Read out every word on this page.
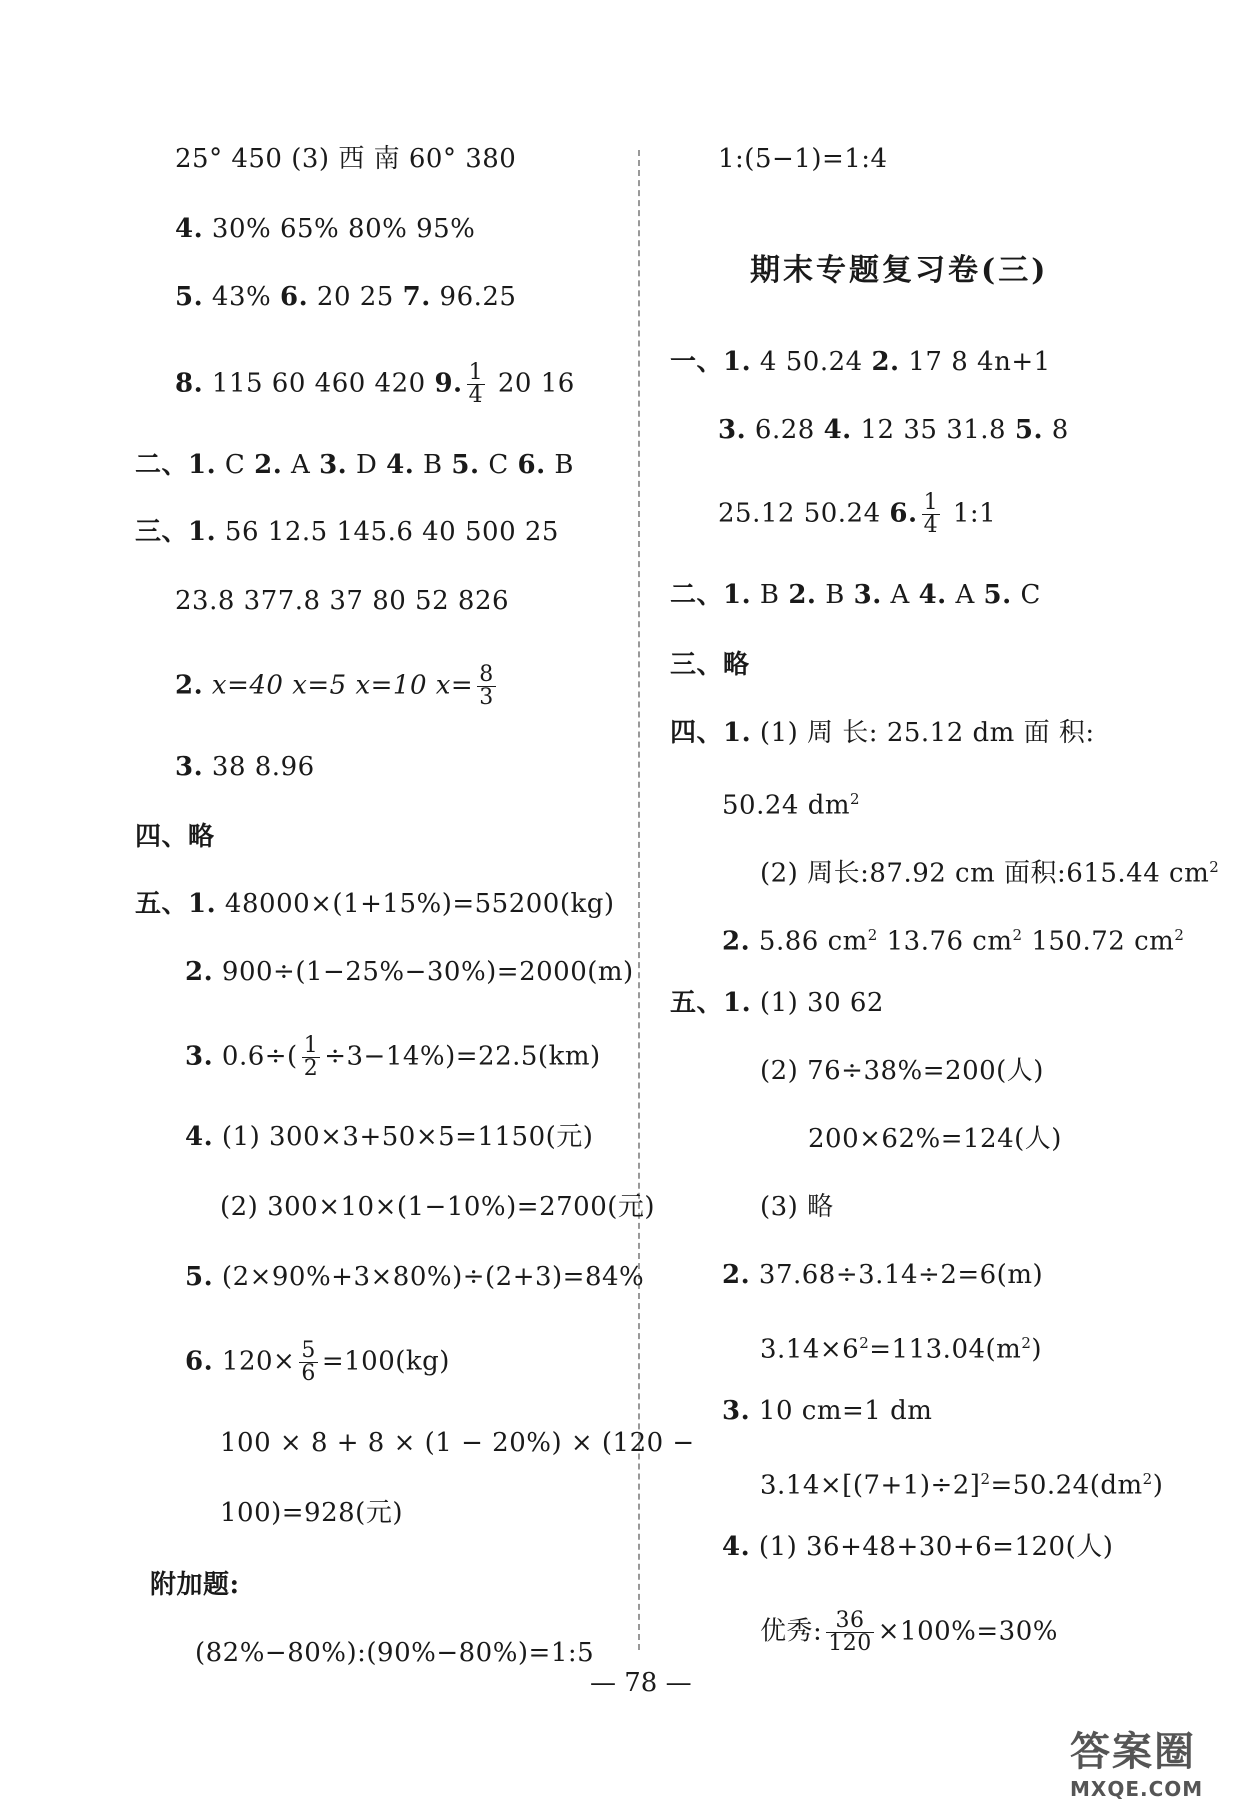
25° 450 (3) 西 南 60° 380
4. 30% 65% 80% 95%
5. 43% 6. 20 25 7. 96.25
8. 115 60 460 420 9. $\frac{1}{4} 20$ 16
二、1. C 2. A 3. D 4. B 5. C 6. B
三、1. 56 12.5 145.6 40 500 25
23.8 377.8 37 80 52 826
2. x=40 x=5 x=10 $x= \frac{8}{3}$
3. 38 8.96
四、略
五、1. 48000×(1+15%)=55200(kg)
2. 900÷(1−25%−30%)=2000(m)
3. $0.6\div( \frac{1}{2} \div 3-14\%)=22.5(km)$
4. (1) 300×3+50×5=1150(元)
(2) 300×10×(1−10%)=2700(元)
5. (2×90%+3×80%)÷(2+3)=84%
6. $120\times \frac{5}{6} =100(kg)$
100 × 8 + 8 × (1 − 20%) × (120 −
100)=928(元)
附加题:
(82%−80%):(90%−80%)=1:5
1:(5−1)=1:4
期末专题复习卷(三)
一、1. 4 50.24 2. 17 8 4n+1
3. 6.28 4. 12 35 31.8 5. 8
25.12 50.24 6. $\frac{1}{4}$ 1:1
二、1. B 2. B 3. A 4. A 5. C
三、略
四、1. (1) 周 长: 25.12 dm 面 积:
50.24 $dm^2$
(2) 周长:87.92 cm 面积:615.44 $cm^2$
2. 5.86 $cm^2$ 13.76 $cm^2$ 150.72 $cm^2$
五、1. (1) 30 62
(2) 76÷38%=200(人)
200×62%=124(人)
(3) 略
2. 37.68÷3.14÷2=6(m)
$3.14\times 6^2=113.04(m^2)$
3. 10 cm=1 dm
$3.14\times[(7+1)\div 2]^2=50.24(dm^2)$
4. (1) 36+48+30+6=120(人)
优秀: $\frac{36}{120} \times 100\%=30\%$
— 78 —
答案圈
MXQE.COM
